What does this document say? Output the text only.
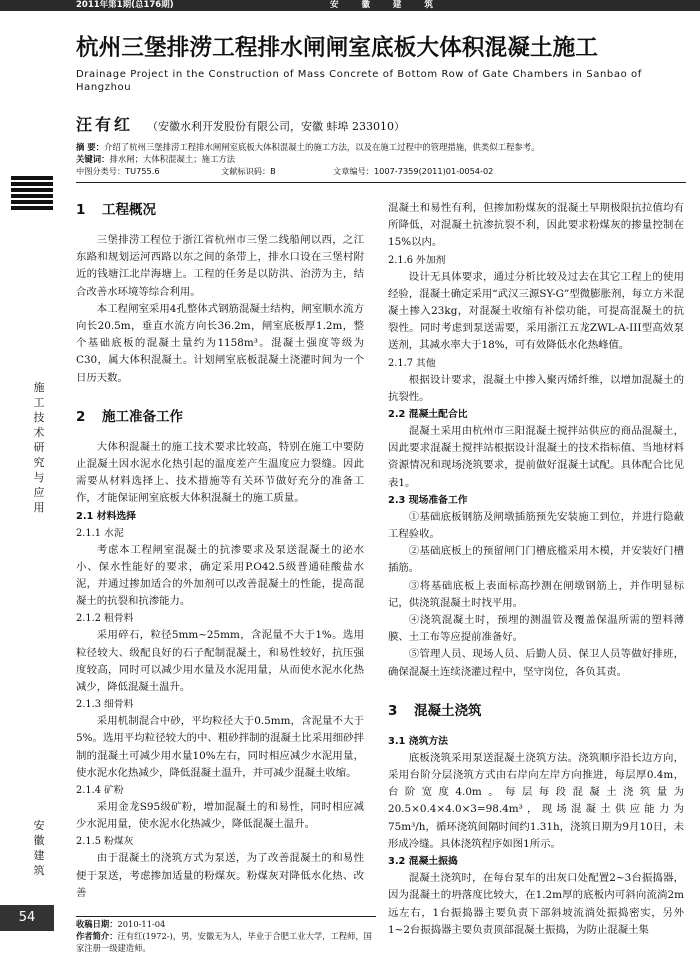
2011年第1期(总176期)	安 徽 建 筑
杭州三堡排涝工程排水闸闸室底板大体积混凝土施工
Drainage Project in the Construction of Mass Concrete of Bottom Row of Gate Chambers in Sanbao of Hangzhou
汪有红 （安徽水利开发股份有限公司，安徽 蚌埠 233010）
摘 要：介绍了杭州三堡排涝工程排水闸闸室底板大体积混凝土的施工方法，以及在施工过程中的管理措施，供类似工程参考。
关键词：排水闸；大体积混凝土；施工方法
中图分类号：TU755.6	文献标识码：B	文章编号：1007-7359(2011)01-0054-02
施工技术研究与应用
安徽建筑
54
1 工程概况

三堡排涝工程位于浙江省杭州市三堡二线船闸以西，之江东路和规划运河西路以东之间的条带上，排水口设在三堡村附近的钱塘江北岸海塘上。工程的任务是以防洪、治涝为主，结合改善水环境等综合利用。

本工程闸室采用4孔整体式钢筋混凝土结构，闸室顺水流方向长20.5m，垂直水流方向长36.2m，闸室底板厚1.2m，整个基础底板的混凝土量约为1158m³。混凝土强度等级为C30，属大体积混凝土。计划闸室底板混凝土浇灌时间为一个日历天数。

2 施工准备工作

大体积混凝土的施工技术要求比较高，特别在施工中要防止混凝土因水泥水化热引起的温度差产生温度应力裂缝。因此需要从材料选择上、技术措施等有关环节做好充分的准备工作，才能保证闸室底板大体积混凝土的施工质量。

2.1 材料选择
2.1.1 水泥

考虑本工程闸室混凝土的抗渗要求及泵送混凝土的泌水小、保水性能好的要求，确定采用P.O42.5级普通硅酸盐水泥，并通过掺加适合的外加剂可以改善混凝土的性能，提高混凝土的抗裂和抗渗能力。

2.1.2 粗骨料

采用碎石，粒径5mm~25mm，含泥量不大于1%。选用粒径较大、级配良好的石子配制混凝土，和易性较好，抗压强度较高，同时可以减少用水量及水泥用量，从而使水泥水化热减少，降低混凝土温升。

2.1.3 细骨料

采用机制混合中砂，平均粒径大于0.5mm，含泥量不大于5%。选用平均粒径较大的中、粗砂拌制的混凝土比采用细砂拌制的混凝土可减少用水量10%左右，同时相应减少水泥用量，使水泥水化热减少，降低混凝土温升，并可减少混凝土收缩。

2.1.4 矿粉

采用金龙S95级矿粉，增加混凝土的和易性，同时相应减少水泥用量，使水泥水化热减少，降低混凝土温升。

2.1.5 粉煤灰

由于混凝土的浇筑方式为泵送，为了改善混凝土的和易性便于泵送，考虑掺加适量的粉煤灰。粉煤灰对降低水化热、改善

混凝土和易性有利，但掺加粉煤灰的混凝土早期极限抗拉值均有所降低，对混凝土抗渗抗裂不利，因此要求粉煤灰的掺量控制在15%以内。

2.1.6 外加剂

设计无具体要求，通过分析比较及过去在其它工程上的使用经验，混凝土确定采用“武汉三源SY-G”型微膨胀剂，每立方米混凝土掺入23kg，对混凝土收缩有补偿功能，可提高混凝土的抗裂性。同时考虑到泵送需要，采用浙江五龙ZWL-A-III型高效泵送剂，其减水率大于18%，可有效降低水化热峰值。

2.1.7 其他

根据设计要求，混凝土中掺入聚丙烯纤维，以增加混凝土的抗裂性。

2.2 混凝土配合比

混凝土采用由杭州市三阳混凝土搅拌站供应的商品混凝土，因此要求混凝土搅拌站根据设计混凝土的技术指标值、当地材料资源情况和现场浇筑要求，提前做好混凝土试配。具体配合比见表1。

2.3 现场准备工作

①基础底板钢筋及闸墩插筋预先安装施工到位，并进行隐蔽工程验收。

②基础底板上的预留闸门门槽底槛采用木模，并安装好门槽插筋。

③将基础底板上表面标高抄测在闸墩钢筋上，并作明显标记，供浇筑混凝土时找平用。

④浇筑混凝土时，预埋的测温管及覆盖保温所需的塑料薄膜、土工布等应提前准备好。

⑤管理人员、现场人员、后勤人员、保卫人员等做好排班，确保混凝土连续浇灌过程中，坚守岗位，各负其责。

3 混凝土浇筑
3.1 浇筑方法

底板浇筑采用泵送混凝土浇筑方法。浇筑顺序沿长边方向，采用台阶分层浇筑方式由右岸向左岸方向推进，每层厚0.4m，台阶宽度4.0m。每层每段混凝土浇筑量为20.5×0.4×4.0×3=98.4m³，现场混凝土供应能力为75m³/h，循环浇筑间隔时间约1.31h，浇筑日期为9月10日，未形成冷缝。具体浇筑程序如图1所示。

3.2 混凝土振捣

混凝土浇筑时，在每台泵车的出灰口处配置2~3台振捣器，因为混凝土的坍落度比较大，在1.2m厚的底板内可斜向流淌2m远左右，1台振捣器主要负责下部斜坡流淌处振捣密实，另外1~2台振捣器主要负责顶部混凝土振捣，为防止混凝土集

收稿日期：2010-11-04
作者简介：汪有红(1972-)，男，安徽无为人，毕业于合肥工业大学，工程师，国家注册一级建造师。
